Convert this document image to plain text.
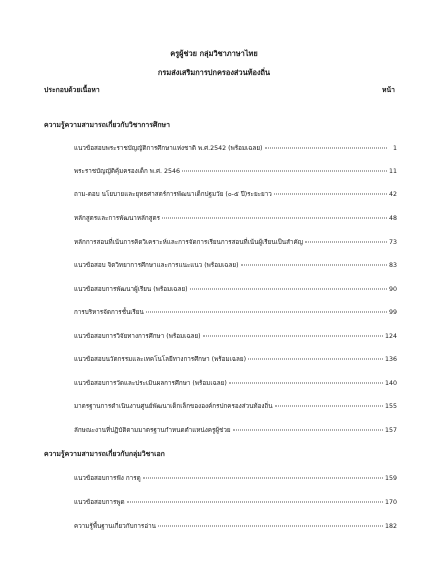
ครูผู้ช่วย กลุ่มวิชาภาษาไทย
กรมส่งเสริมการปกครองส่วนท้องถิ่น
ประกอบด้วยเนื้อหา	หน้า
ความรู้ความสามารถเกี่ยวกับวิชาการศึกษา
แนวข้อสอบพระราชบัญญัติการศึกษาแห่งชาติ พ.ศ.2542 (พร้อมเฉลย)	1
พระราชบัญญัติคุ้มครองเด็ก พ.ศ. 2546	11
ถาม-ตอบ นโยบายและยุทธศาสตร์การพัฒนาเด็กปฐมวัย (๐-๕ ปี)ระยะยาว	42
หลักสูตรและการพัฒนาหลักสูตร	48
หลักการสอนที่เน้นการคิดวิเคราะห์และการจัดการเรียนการสอนที่เน้นผู้เรียนเป็นสำคัญ	73
แนวข้อสอบ จิตวิทยาการศึกษาและการแนะแนว (พร้อมเฉลย)	83
แนวข้อสอบการพัฒนาผู้เรียน (พร้อมเฉลย)	90
การบริหารจัดการชั้นเรียน	99
แนวข้อสอบการวิจัยทางการศึกษา (พร้อมเฉลย)	124
แนวข้อสอบนวัตกรรมและเทคโนโลยีทางการศึกษา (พร้อมเฉลย)	136
แนวข้อสอบการวัดและประเมินผลการศึกษา (พร้อมเฉลย)	140
มาตรฐานการดำเนินงานศูนย์พัฒนาเด็กเล็กขององค์กรปกครองส่วนท้องถิ่น	155
ลักษณะงานที่ปฏิบัติตามมาตรฐานกำหนดตำแหน่งครูผู้ช่วย	157
ความรู้ความสามารถเกี่ยวกับกลุ่มวิชาเอก
แนวข้อสอบการฟัง การดู	159
แนวข้อสอบการพูด	170
ความรู้พื้นฐานเกี่ยวกับการอ่าน	182
